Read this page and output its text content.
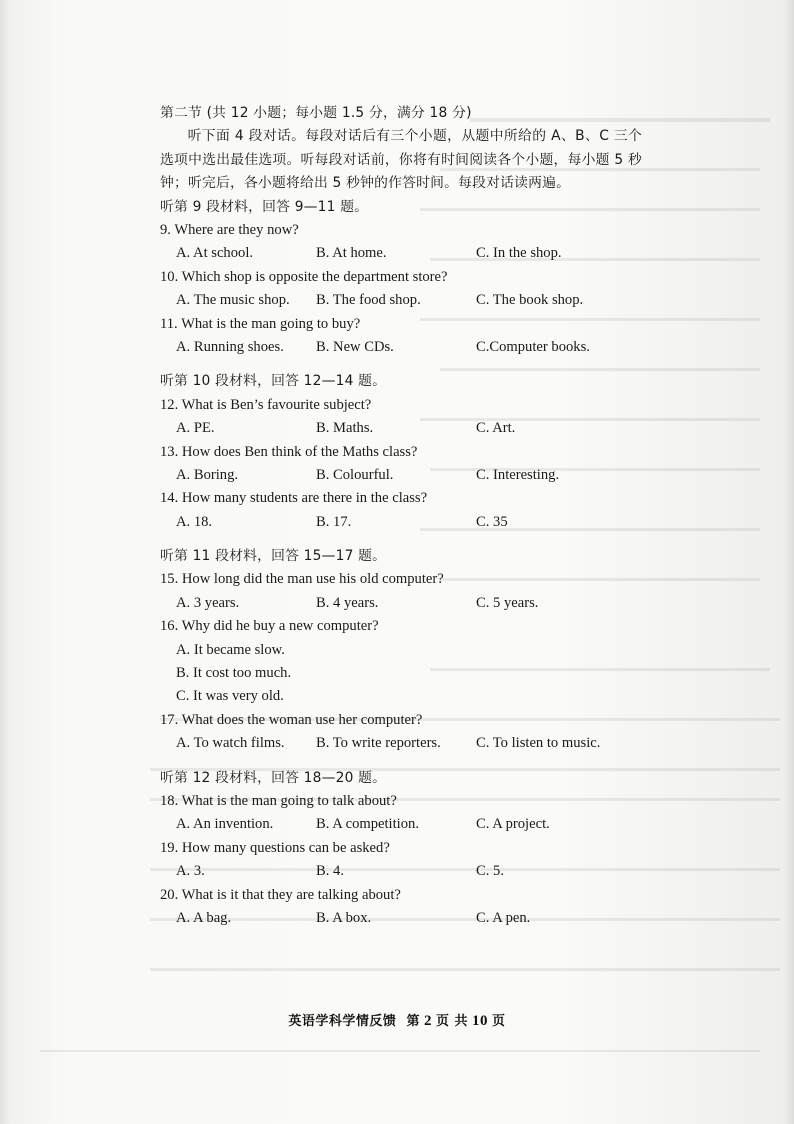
第二节 (共 12 小题；每小题 1.5 分，满分 18 分)
听下面 4 段对话。每段对话后有三个小题，从题中所给的 A、B、C 三个选项中选出最佳选项。听每段对话前，你将有时间阅读各个小题，每小题 5 秒钟；听完后，各小题将给出 5 秒钟的作答时间。每段对话读两遍。
听第 9 段材料，回答 9—11 题。
9. Where are they now?
A. At school.	B. At home.	C. In the shop.
10. Which shop is opposite the department store?
A. The music shop. B. The food shop.	C. The book shop.
11. What is the man going to buy?
A. Running shoes. B. New CDs.	C.Computer books.
听第 10 段材料，回答 12—14 题。
12. What is Ben’s favourite subject?
A. PE.	B. Maths.	C. Art.
13. How does Ben think of the Maths class?
A. Boring.	B. Colourful.	C. Interesting.
14. How many students are there in the class?
A. 18.	B. 17.	C. 35
听第 11 段材料，回答 15—17 题。
15. How long did the man use his old computer?
A. 3 years.	B. 4 years.	C. 5 years.
16. Why did he buy a new computer?
A. It became slow.
B. It cost too much.
C. It was very old.
17. What does the woman use her computer?
A. To watch films. B. To write reporters. C. To listen to music.
听第 12 段材料，回答 18—20 题。
18. What is the man going to talk about?
A. An invention.	B. A competition.	C. A project.
19. How many questions can be asked?
A. 3.	B. 4.	C. 5.
20. What is it that they are talking about?
A. A bag.	B. A box.	C. A pen.
英语学科学情反馈 第 2 页 共 10 页
